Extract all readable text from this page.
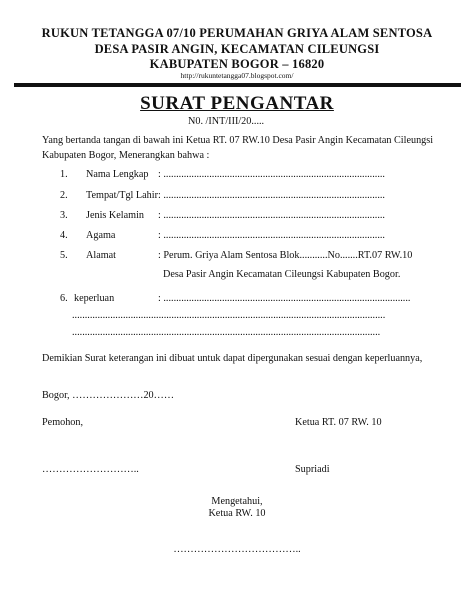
RUKUN TETANGGA 07/10 PERUMAHAN GRIYA ALAM SENTOSA
DESA PASIR ANGIN, KECAMATAN CILEUNGSI
KABUPATEN BOGOR – 16820
http://rukuntetangga07.blogspot.com/
SURAT PENGANTAR
N0. /INT/III/20.....
Yang bertanda tangan di bawah ini Ketua RT. 07 RW.10 Desa Pasir Angin Kecamatan Cileungsi
Kabupaten Bogor, Menerangkan bahwa :
1. Nama Lengkap : .......................................................................................
2. Tempat/Tgl Lahir : .......................................................................................
3. Jenis Kelamin : .......................................................................................
4. Agama	: .......................................................................................
5. Alamat	: Perum. Griya Alam Sentosa Blok...........No.......RT.07 RW.10
Desa Pasir Angin Kecamatan Cileungsi Kabupaten Bogor.
6. keperluan	: .................................................................................................
...........................................................................................................................
.........................................................................................................................
Demikian Surat keterangan ini dibuat untuk dapat dipergunakan sesuai dengan keperluannya,
Bogor, …………………20……
Pemohon,	Ketua RT. 07 RW. 10
………………………..	Supriadi
Mengetahui,
Ketua RW. 10
………………………………..
